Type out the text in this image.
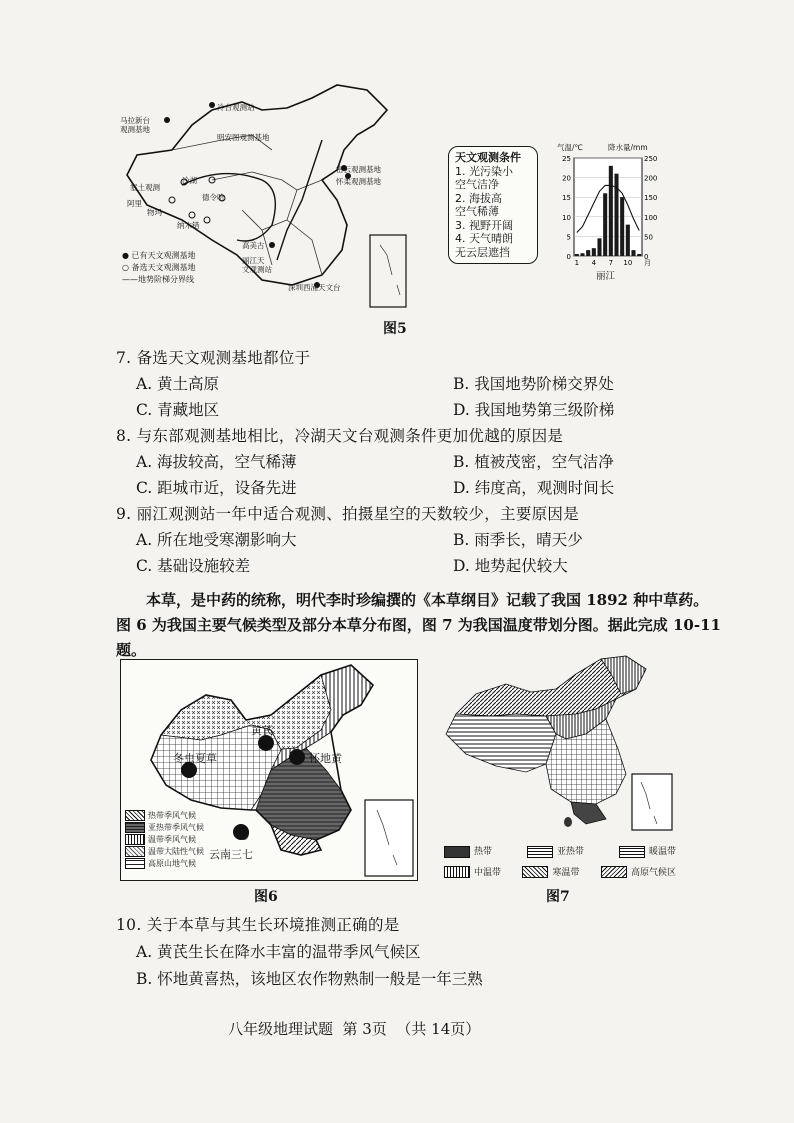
冷台观测站
马拉新台
观测基地
明安图观测基地
密云观测基地
怀柔观测基地
塞土观测
阿里
物玛
冷湖
德令哈
纳木错
高美古
丽江天
文观测站
深圳西涌天文台
● 已有天文观测基地
○ 备选天文观测基地
——地势阶梯分界线
天文观测条件
1. 光污染小
空气洁净
2. 海拔高
空气稀薄
3. 视野开阔
4. 天气晴朗
无云层遮挡
气温/℃	降水量/mm
25
20
15
10
5
0
250
200
150
100
50
0
1 4 7 10 月
丽江
图5
7. 备选天文观测基地都位于
A. 黄土高原	B. 我国地势阶梯交界处
C. 青藏地区	D. 我国地势第三级阶梯
8. 与东部观测基地相比，冷湖天文台观测条件更加优越的原因是
A. 海拔较高，空气稀薄	B. 植被茂密，空气洁净
C. 距城市近，设备先进	D. 纬度高，观测时间长
9. 丽江观测站一年中适合观测、拍摄星空的天数较少，主要原因是
A. 所在地受寒潮影响大	B. 雨季长，晴天少
C. 基础设施较差	D. 地势起伏较大
本草，是中药的统称，明代李时珍编撰的《本草纲目》记载了我国 1892 种中草药。
图 6 为我国主要气候类型及部分本草分布图，图 7 为我国温度带划分图。据此完成 10-11
题。
黄芪
冬虫夏草	怀地黄
云南三七
热带季风气候
亚热带季风气候
温带季风气候
温带大陆性气候
高原山地气候
图6
热带	亚热带	暖温带
中温带	寒温带	高原气候区
图7
10. 关于本草与其生长环境推测正确的是
A. 黄芪生长在降水丰富的温带季风气候区
B. 怀地黄喜热，该地区农作物熟制一般是一年三熟
八年级地理试题  第 3页  （共 14页）
